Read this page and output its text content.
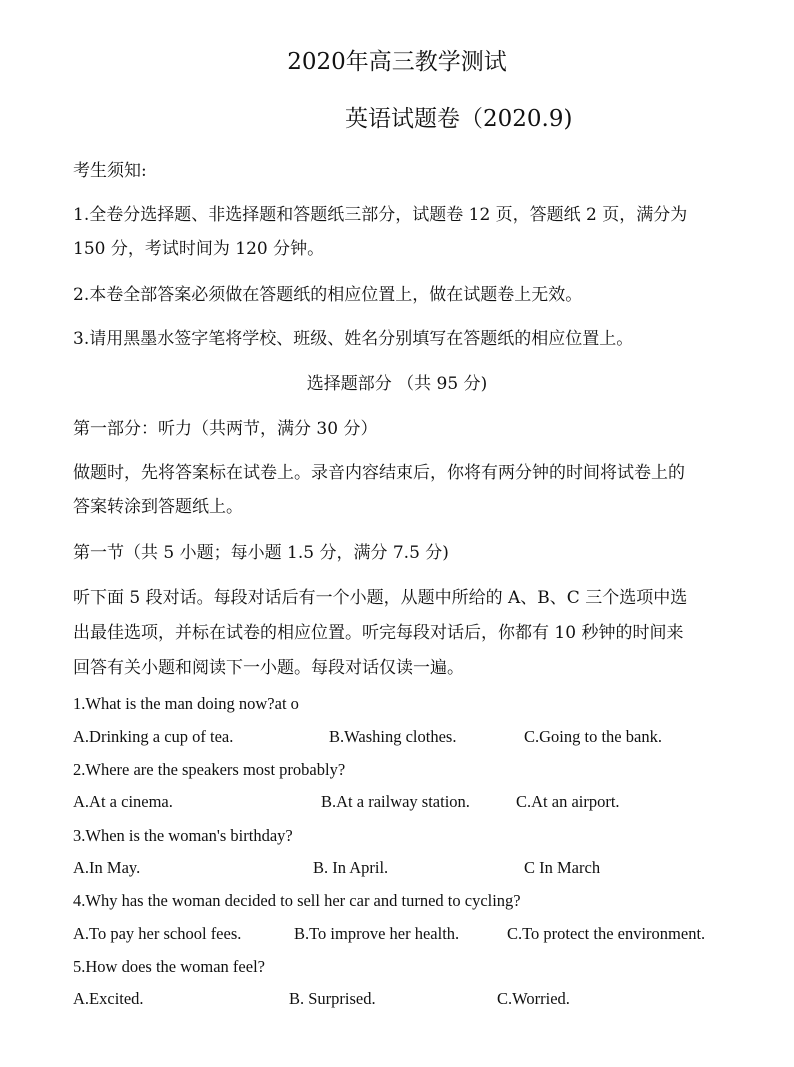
2020年高三教学测试
英语试题卷（2020.9)
考生须知:
1.全卷分选择题、非选择题和答题纸三部分，试题卷 12 页，答题纸 2 页，满分为
150 分，考试时间为 120 分钟。
2.本卷全部答案必须做在答题纸的相应位置上，做在试题卷上无效。
3.请用黑墨水签字笔将学校、班级、姓名分别填写在答题纸的相应位置上。
选择题部分 （共 95 分)
第一部分：听力（共两节，满分 30 分）
做题时，先将答案标在试卷上。录音内容结束后，你将有两分钟的时间将试卷上的
答案转涂到答题纸上。
第一节（共 5 小题；每小题 1.5 分，满分 7.5 分)
听下面 5 段对话。每段对话后有一个小题，从题中所给的 A、B、C 三个选项中选
出最佳选项，并标在试卷的相应位置。听完每段对话后，你都有 10 秒钟的时间来
回答有关小题和阅读下一小题。每段对话仅读一遍。
1.What is the man doing now?at o
A.Drinking a cup of tea.	B.Washing clothes.	C.Going to the bank.
2.Where are the speakers most probably?
A.At a cinema.	B.At a railway station.	C.At an airport.
3.When is the woman's birthday?
A.In May.	B. In April.	C In March
4.Why has the woman decided to sell her car and turned to cycling?
A.To pay her school fees.	B.To improve her health.	C.To protect the environment.
5.How does the woman feel?
A.Excited.	B. Surprised.	C.Worried.
